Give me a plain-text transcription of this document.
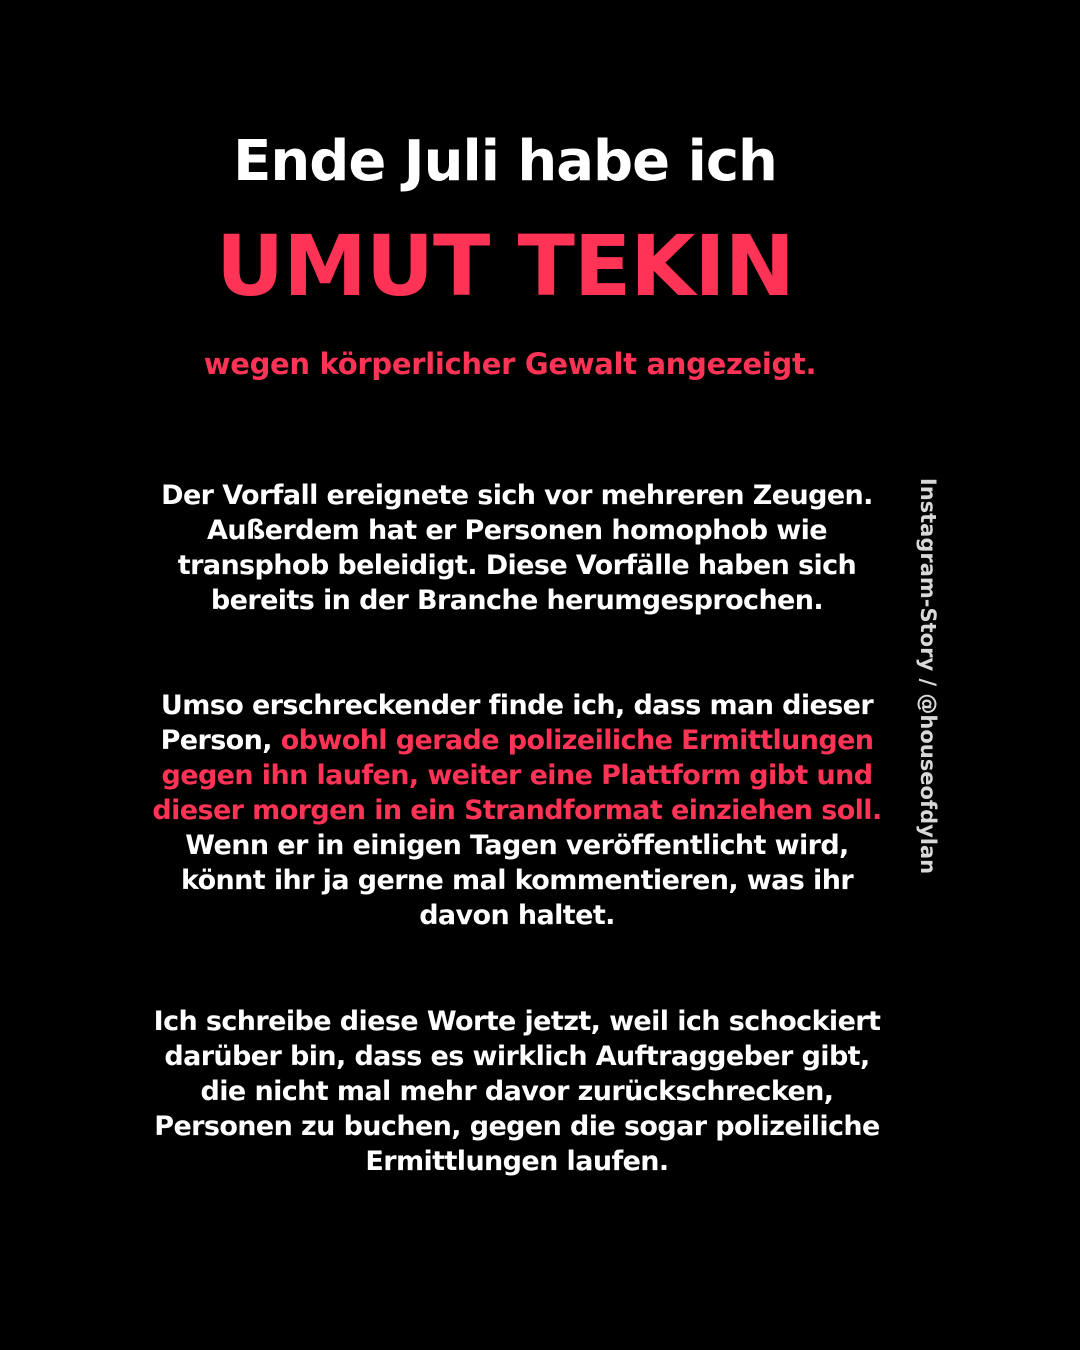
Ende Juli habe ich
UMUT TEKIN
wegen körperlicher Gewalt angezeigt.
Der Vorfall ereignete sich vor mehreren Zeugen. Außerdem hat er Personen homophob wie transphob beleidigt. Diese Vorfälle haben sich bereits in der Branche herumgesprochen.
Umso erschreckender finde ich, dass man dieser Person, obwohl gerade polizeiliche Ermittlungen gegen ihn laufen, weiter eine Plattform gibt und dieser morgen in ein Strandformat einziehen soll.
Wenn er in einigen Tagen veröffentlicht wird, könnt ihr ja gerne mal kommentieren, was ihr davon haltet.
Ich schreibe diese Worte jetzt, weil ich schockiert darüber bin, dass es wirklich Auftraggeber gibt, die nicht mal mehr davor zurückschrecken, Personen zu buchen, gegen die sogar polizeiliche Ermittlungen laufen.
Instagram-Story / @houseofdylan
